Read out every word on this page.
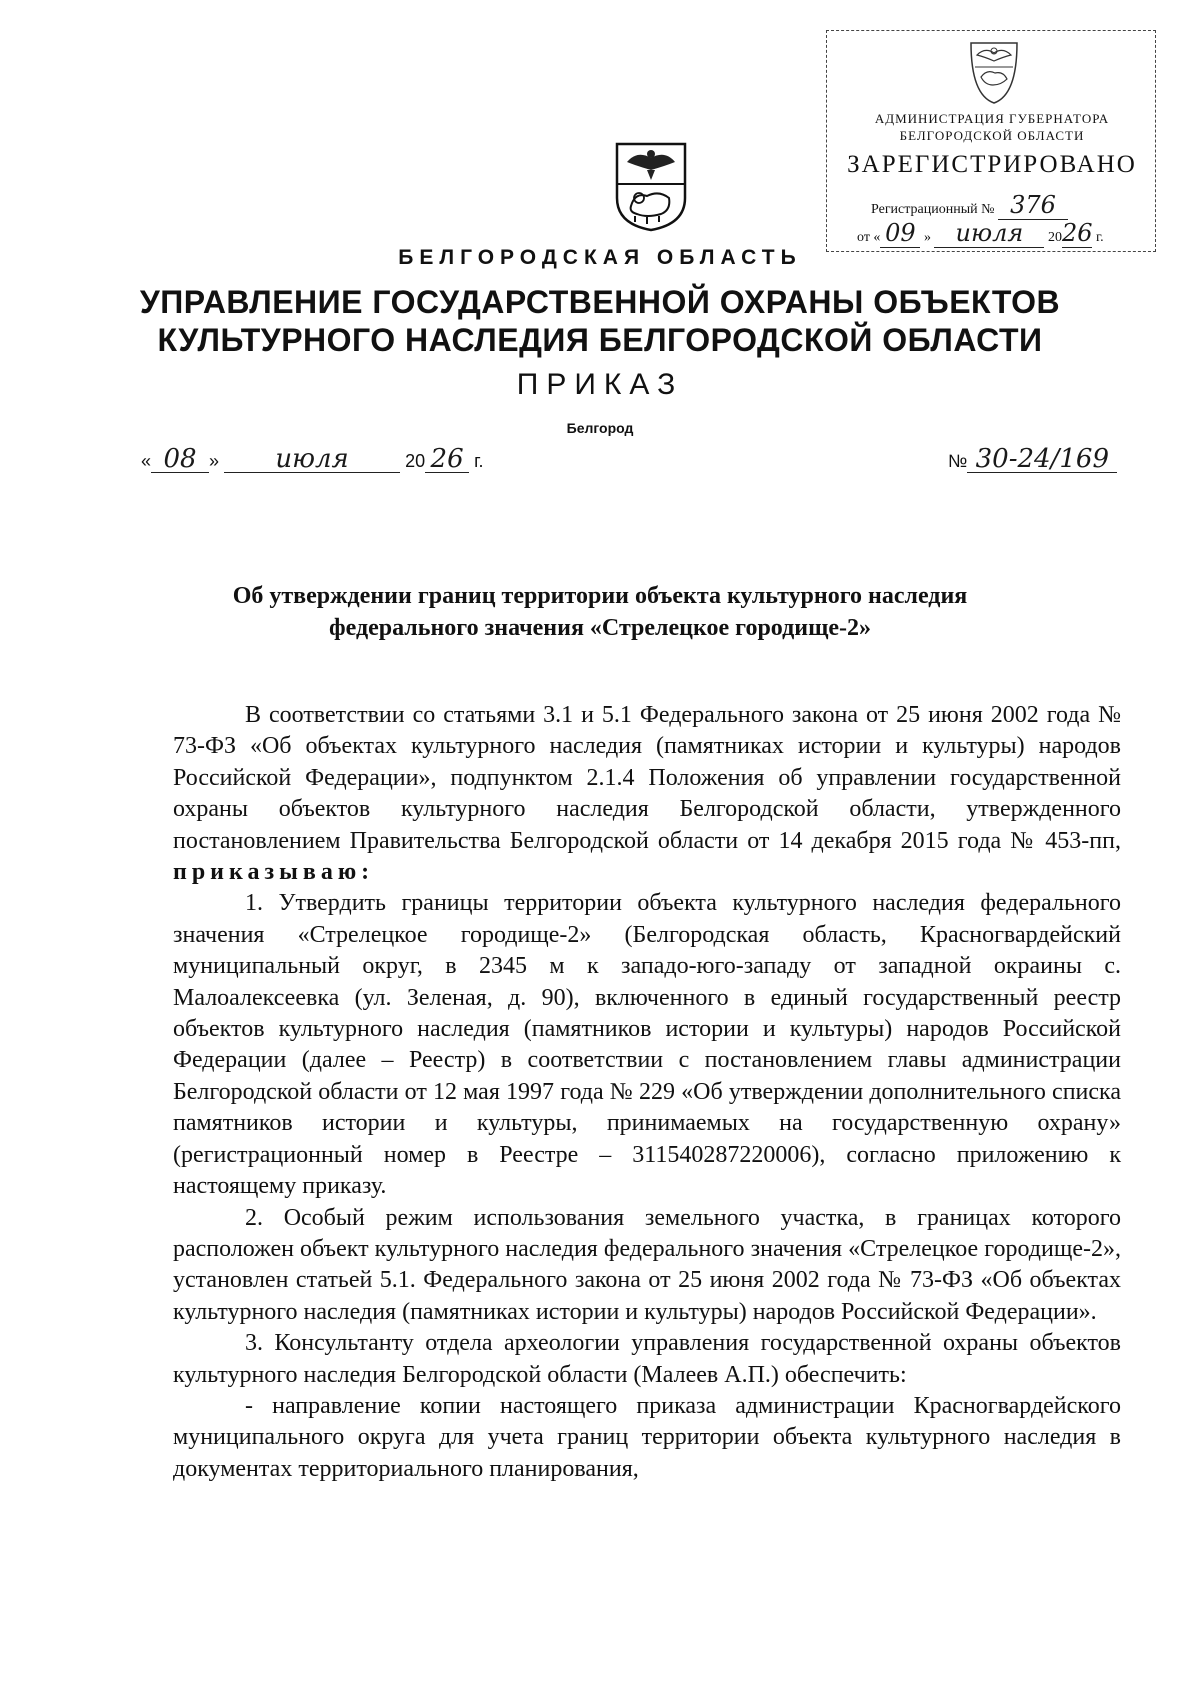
АДМИНИСТРАЦИЯ ГУБЕРНАТОРА
БЕЛГОРОДСКОЙ ОБЛАСТИ
ЗАРЕГИСТРИРОВАНО
Регистрационный № 376
от « 09 » июля 2026 г.
БЕЛГОРОДСКАЯ ОБЛАСТЬ
УПРАВЛЕНИЕ ГОСУДАРСТВЕННОЙ ОХРАНЫ ОБЪЕКТОВ
КУЛЬТУРНОГО НАСЛЕДИЯ БЕЛГОРОДСКОЙ ОБЛАСТИ
ПРИКАЗ
Белгород
« 08 » июля	20 26 г.	№ 30-24/169
Об утверждении границ территории объекта культурного наследия
федерального значения «Стрелецкое городище-2»

В соответствии со статьями 3.1 и 5.1 Федерального закона от 25 июня 2002 года № 73-ФЗ «Об объектах культурного наследия (памятниках истории и культуры) народов Российской Федерации», подпунктом 2.1.4 Положения об управлении государственной охраны объектов культурного наследия Белгородской области, утвержденного постановлением Правительства Белгородской области от 14 декабря 2015 года № 453-пп, приказываю:

1. Утвердить границы территории объекта культурного наследия федерального значения «Стрелецкое городище-2» (Белгородская область, Красногвардейский муниципальный округ, в 2345 м к западо-юго-западу от западной окраины с. Малоалексеевка (ул. Зеленая, д. 90), включенного в единый государственный реестр объектов культурного наследия (памятников истории и культуры) народов Российской Федерации (далее – Реестр) в соответствии с постановлением главы администрации Белгородской области от 12 мая 1997 года № 229 «Об утверждении дополнительного списка памятников истории и культуры, принимаемых на государственную охрану» (регистрационный номер в Реестре – 311540287220006), согласно приложению к настоящему приказу.

2. Особый режим использования земельного участка, в границах которого расположен объект культурного наследия федерального значения «Стрелецкое городище-2», установлен статьей 5.1. Федерального закона от 25 июня 2002 года № 73-ФЗ «Об объектах культурного наследия (памятниках истории и культуры) народов Российской Федерации».

3. Консультанту отдела археологии управления государственной охраны объектов культурного наследия Белгородской области (Малеев А.П.) обеспечить:

- направление копии настоящего приказа администрации Красногвардейского муниципального округа для учета границ территории объекта культурного наследия в документах территориального планирования,
